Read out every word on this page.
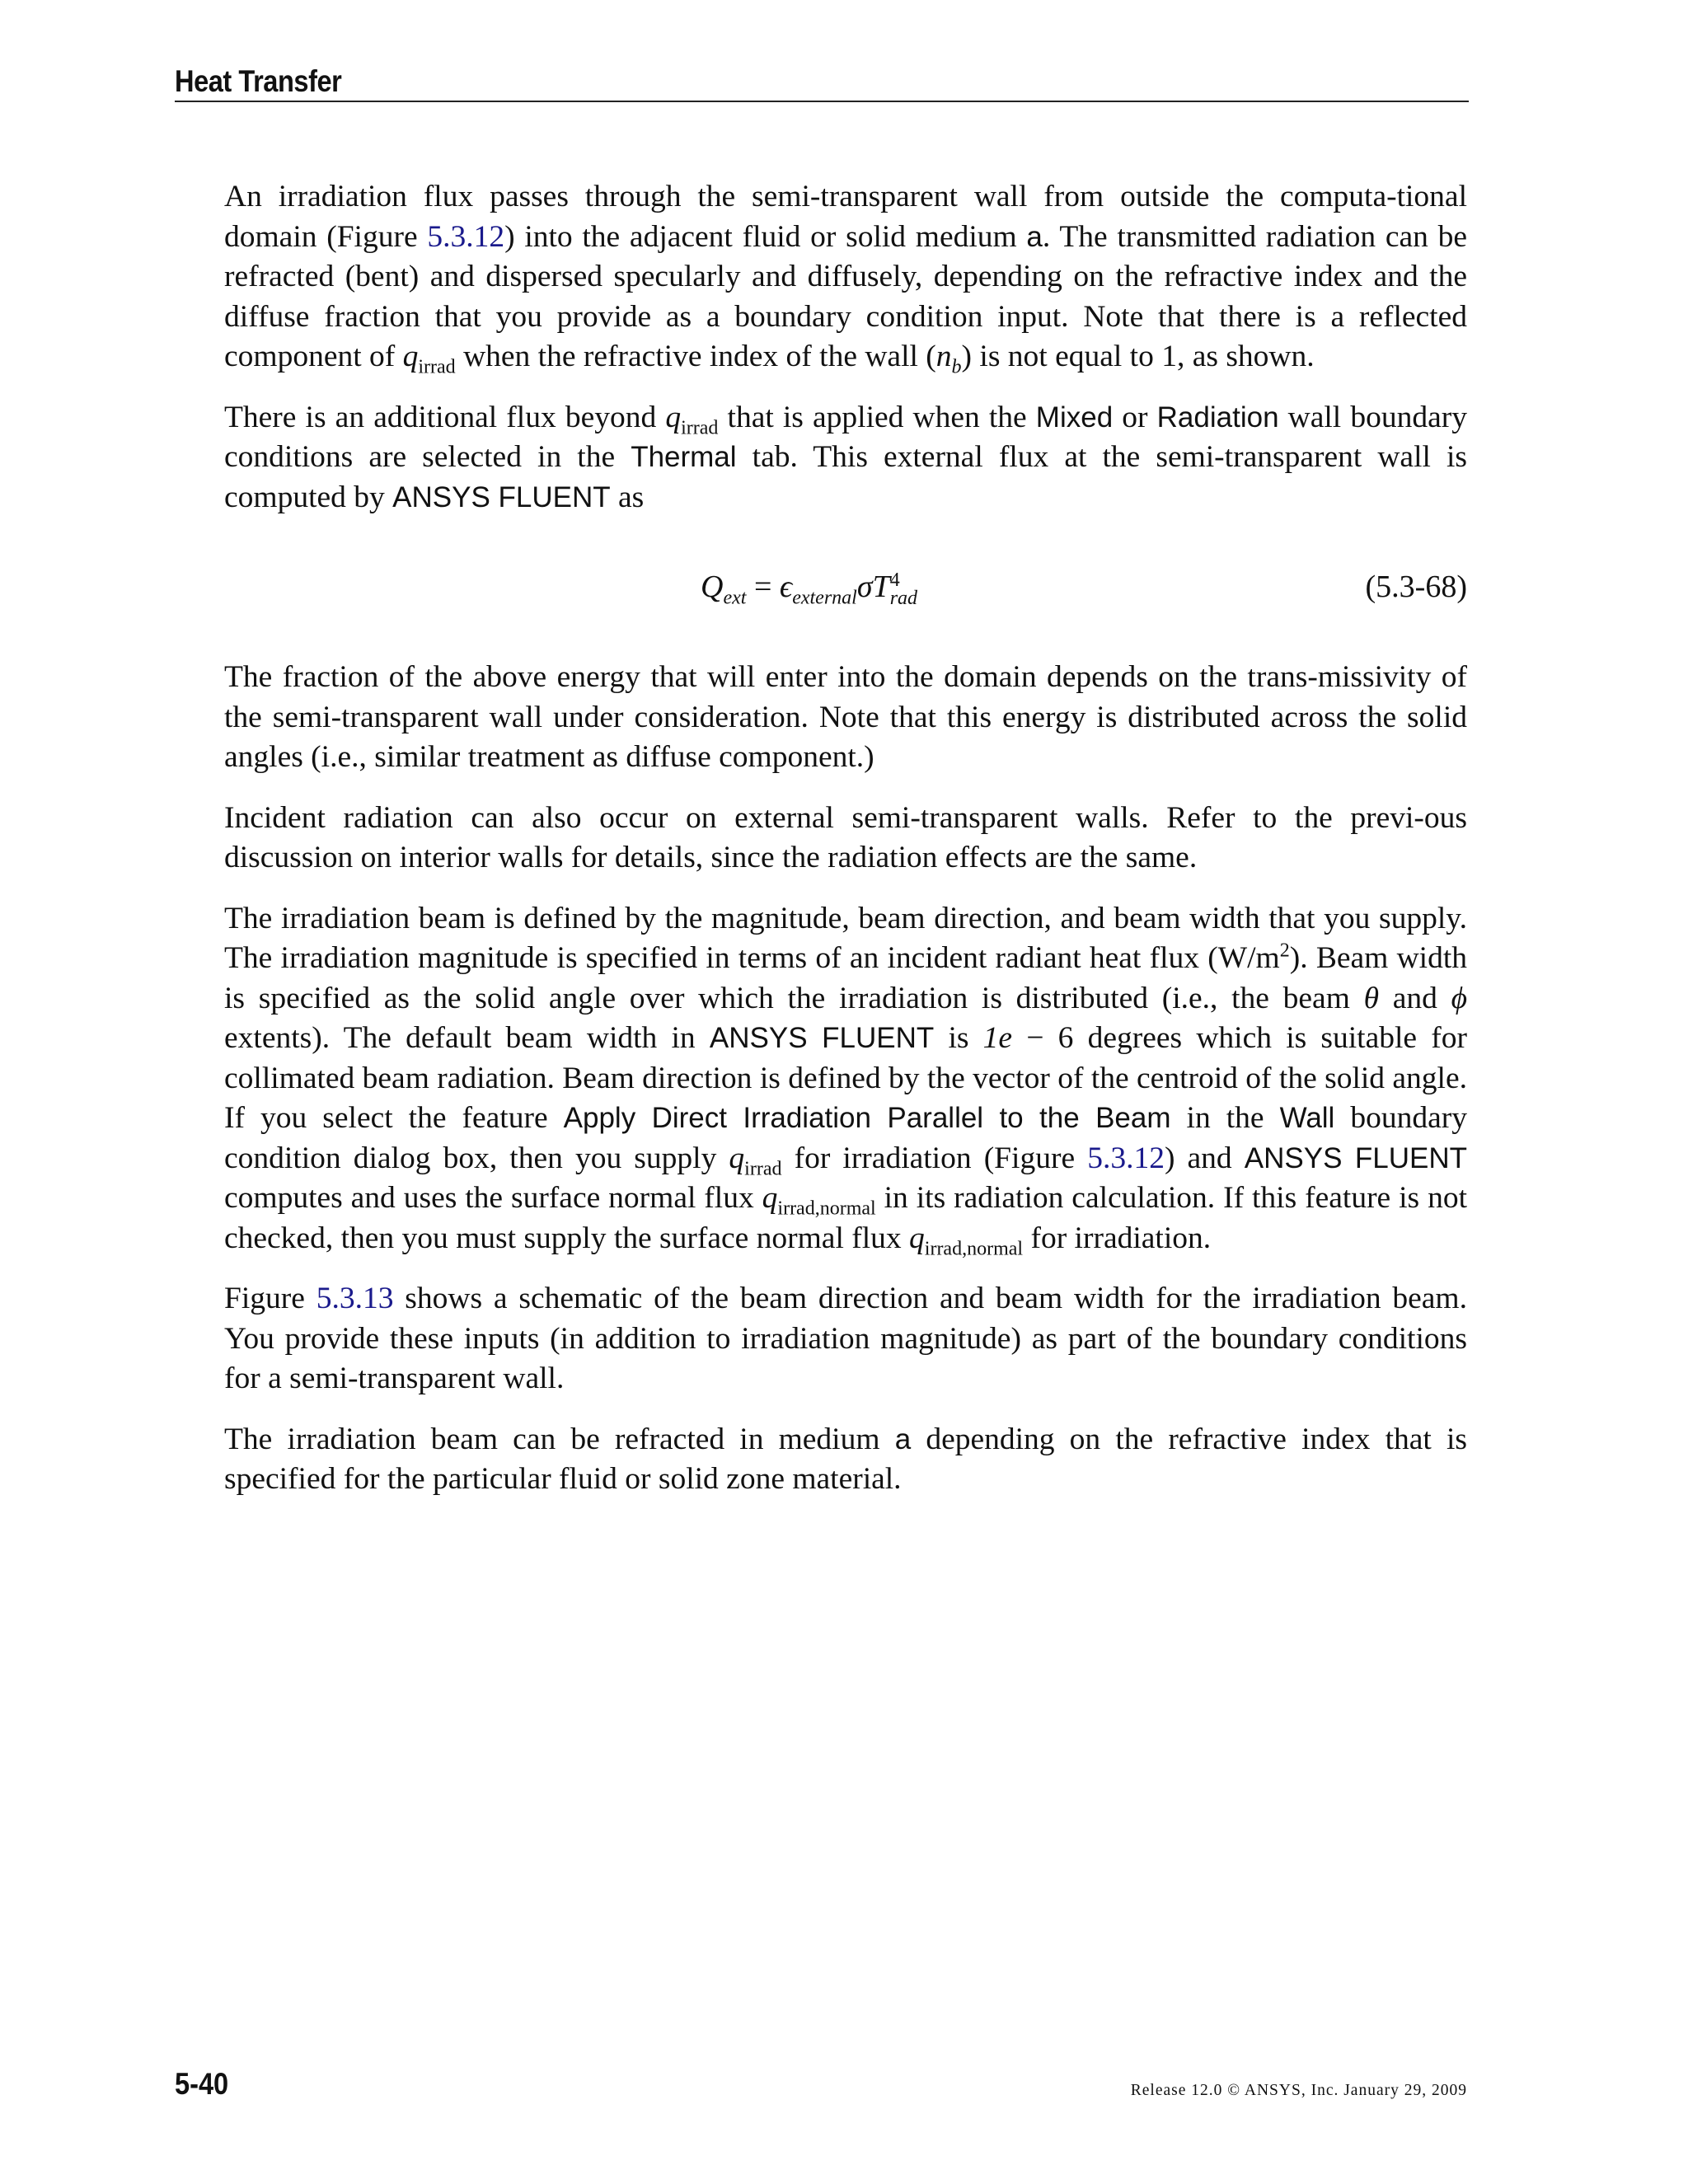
Heat Transfer

An irradiation flux passes through the semi-transparent wall from outside the computa-tional domain (Figure 5.3.12) into the adjacent fluid or solid medium a. The transmitted radiation can be refracted (bent) and dispersed specularly and diffusely, depending on the refractive index and the diffuse fraction that you provide as a boundary condition input. Note that there is a reflected component of $q_{irrad}$ when the refractive index of the wall $(n_b)$ is not equal to 1, as shown.

There is an additional flux beyond $q_{irrad}$ that is applied when the Mixed or Radiation wall boundary conditions are selected in the Thermal tab. This external flux at the semi-transparent wall is computed by ANSYS FLUENT as

$Q_{ext} = \epsilon_{external}\sigma T$ 4
rad	(5.3-68)

The fraction of the above energy that will enter into the domain depends on the trans-missivity of the semi-transparent wall under consideration. Note that this energy is distributed across the solid angles (i.e., similar treatment as diffuse component.)

Incident radiation can also occur on external semi-transparent walls. Refer to the previ-ous discussion on interior walls for details, since the radiation effects are the same.

The irradiation beam is defined by the magnitude, beam direction, and beam width that you supply. The irradiation magnitude is specified in terms of an incident radiant heat flux $(W/m^2)$. Beam width is specified as the solid angle over which the irradiation is distributed (i.e., the beam θ and ϕ extents). The default beam width in ANSYS FLUENT is 1e − 6 degrees which is suitable for collimated beam radiation. Beam direction is defined by the vector of the centroid of the solid angle. If you select the feature Apply Direct Irradiation Parallel to the Beam in the Wall boundary condition dialog box, then you supply $q_{irrad}$ for irradiation (Figure 5.3.12) and ANSYS FLUENT computes and uses the surface normal flux $q_{irrad,normal}$ in its radiation calculation. If this feature is not checked, then you must supply the surface normal flux $q_{irrad,normal}$ for irradiation.

Figure 5.3.13 shows a schematic of the beam direction and beam width for the irradiation beam. You provide these inputs (in addition to irradiation magnitude) as part of the boundary conditions for a semi-transparent wall.

The irradiation beam can be refracted in medium a depending on the refractive index that is specified for the particular fluid or solid zone material.

5-40	Release 12.0 © ANSYS, Inc. January 29, 2009
